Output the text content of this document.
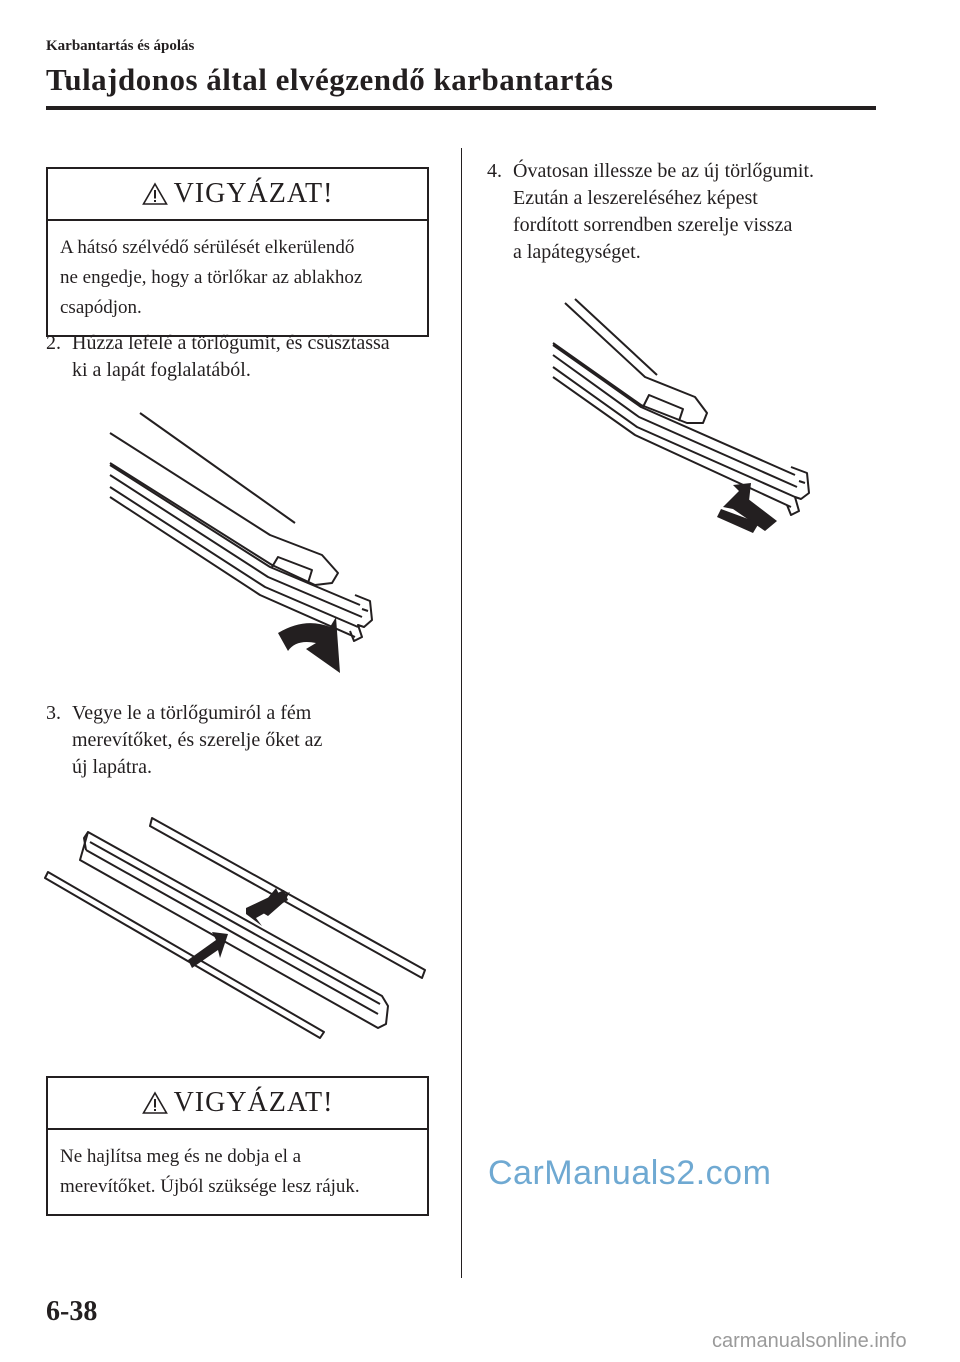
Karbantartás és ápolás
Tulajdonos által elvégzendő karbantartás
VIGYÁZAT!
A hátsó szélvédő sérülését elkerülendő
ne engedje, hogy a törlőkar az ablakhoz
csapódjon.
2. Húzza lefelé a törlőgumit, és csúsztassa
ki a lapát foglalatából.
3. Vegye le a törlőgumiról a fém
merevítőket, és szerelje őket az
új lapátra.
VIGYÁZAT!
Ne hajlítsa meg és ne dobja el a
merevítőket. Újból szüksége lesz rájuk.
4. Óvatosan illessze be az új törlőgumit.
Ezután a leszereléséhez képest
fordított sorrendben szerelje vissza
a lapátegységet.
CarManuals2.com
6-38
carmanualsonline.info
